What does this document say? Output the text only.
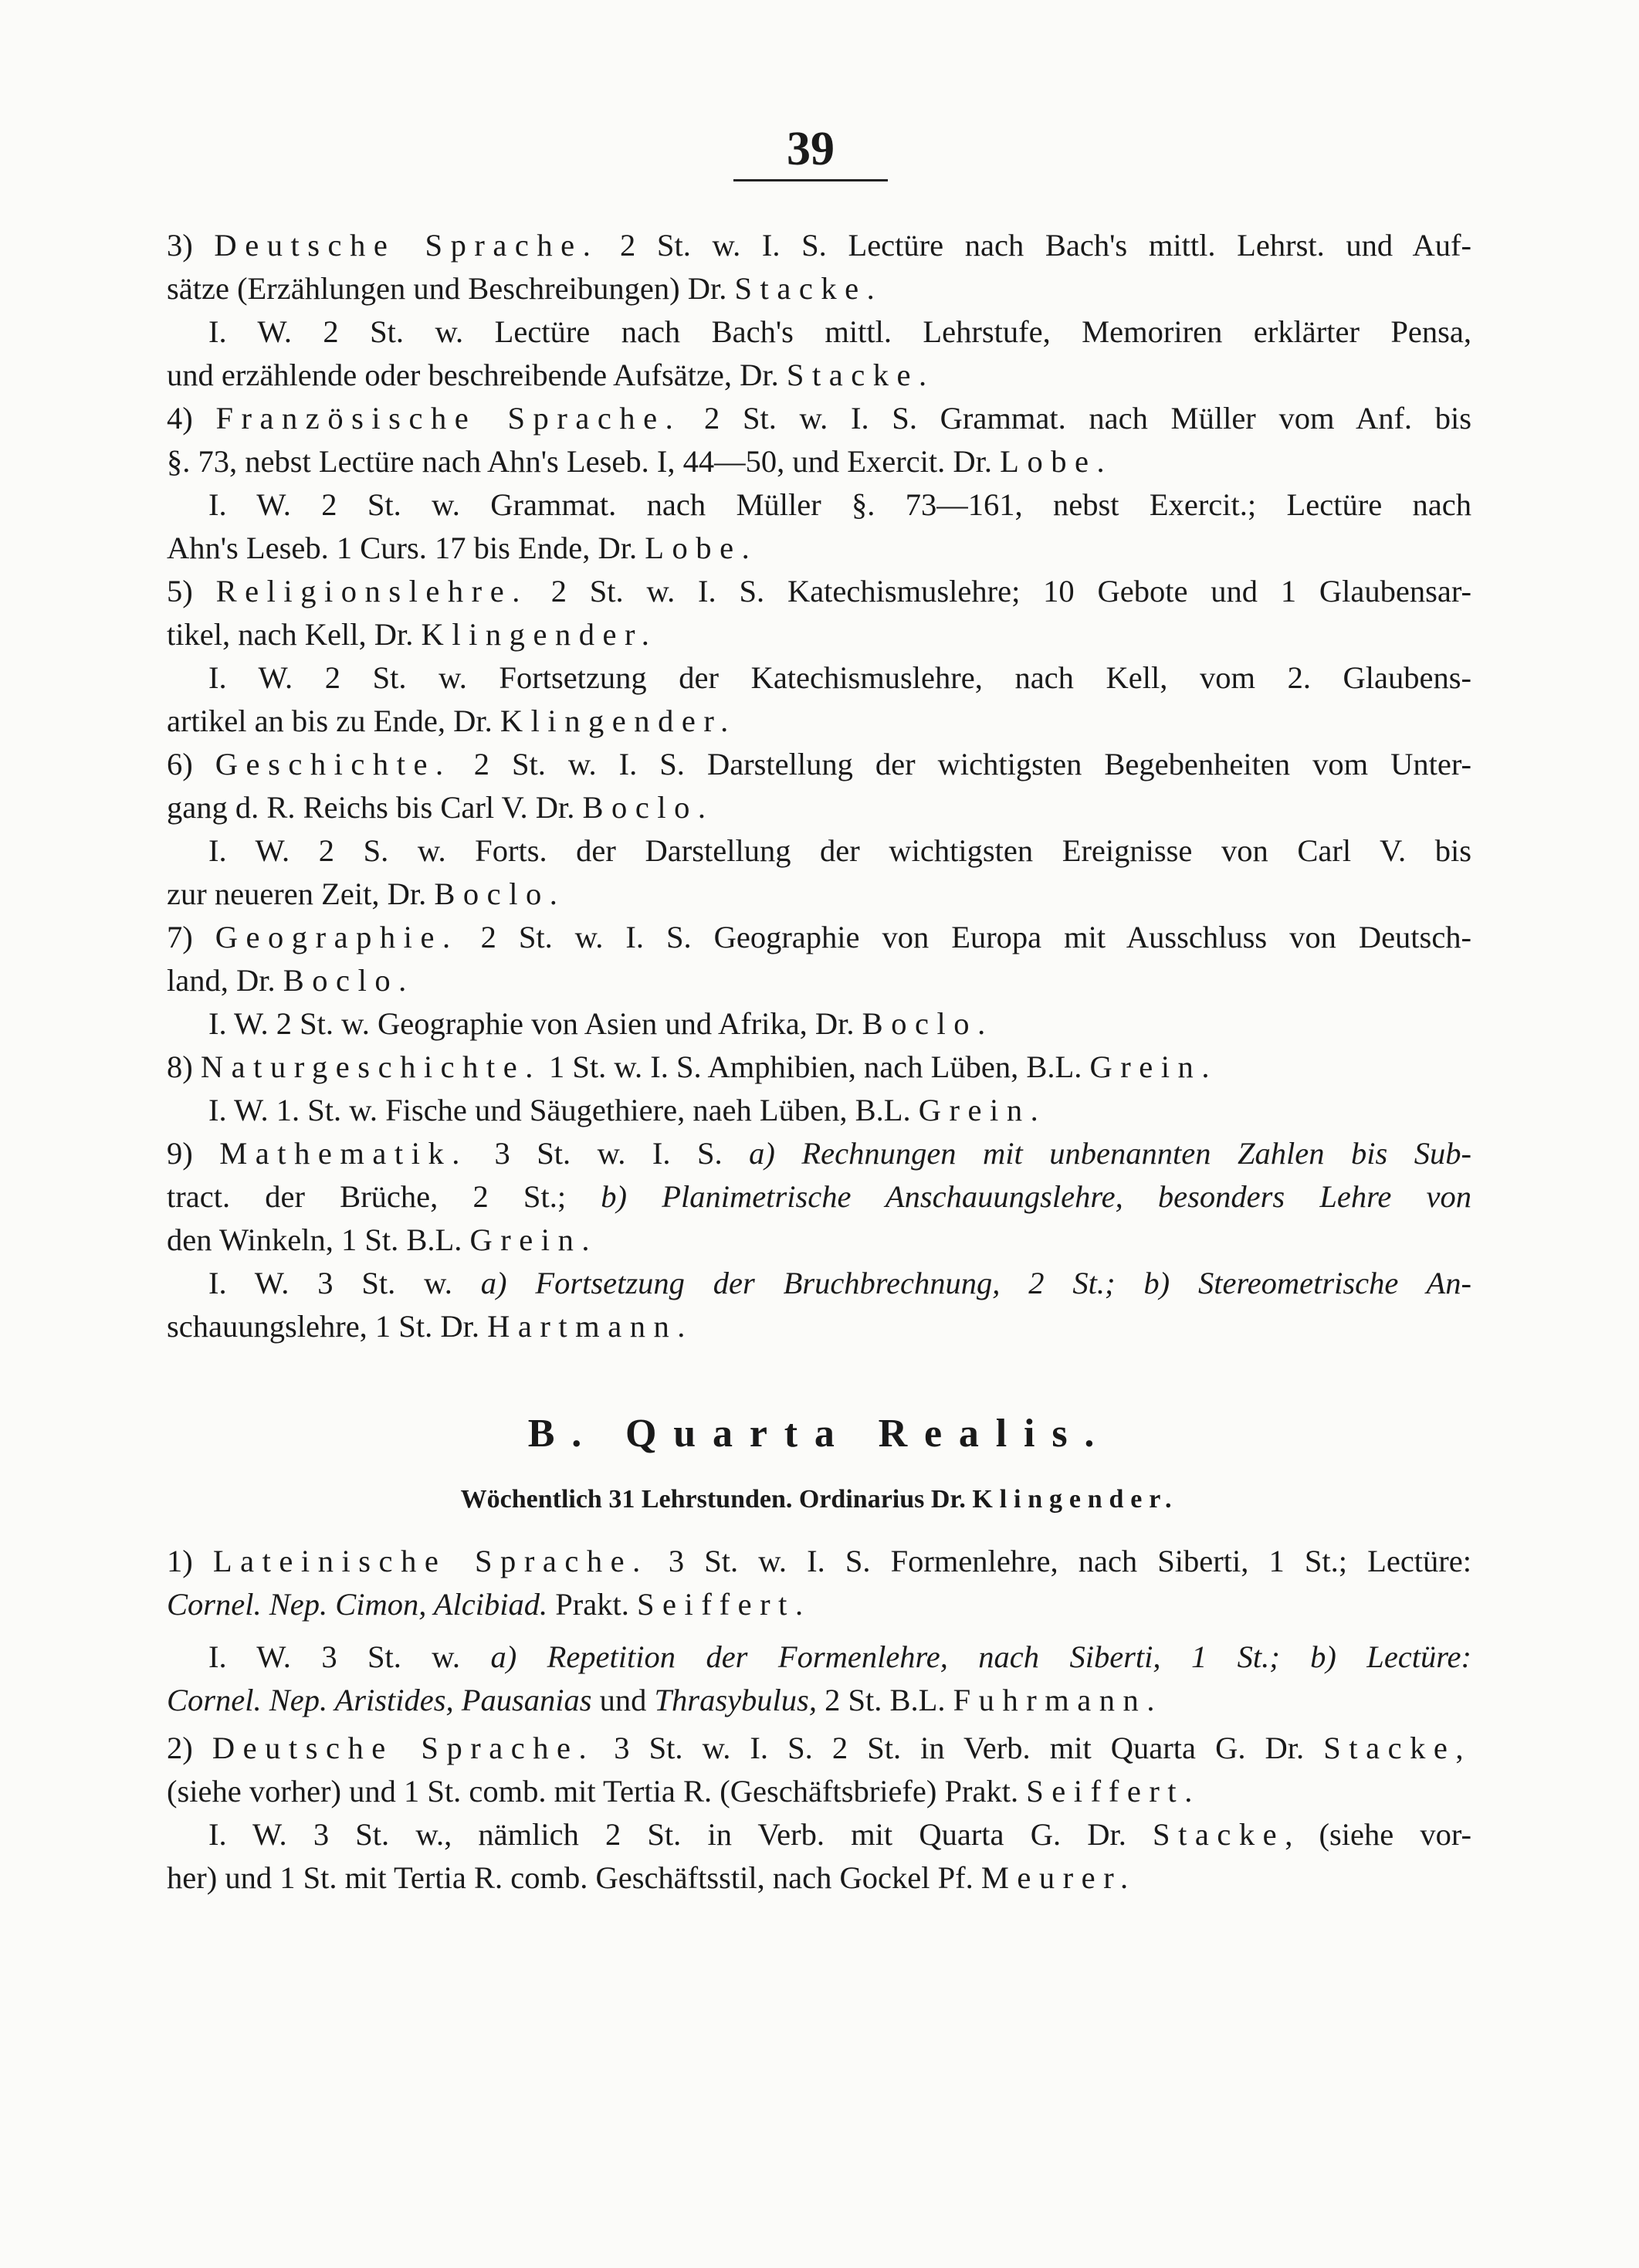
39
3) Deutsche Sprache. 2 St. w. I. S. Lectüre nach Bach's mittl. Lehrst. und Auf-
sätze (Erzählungen und Beschreibungen) Dr. Stacke.
I. W. 2 St. w. Lectüre nach Bach's mittl. Lehrstufe, Memoriren erklärter Pensa,
und erzählende oder beschreibende Aufsätze, Dr. Stacke.
4) Französische Sprache. 2 St. w. I. S. Grammat. nach Müller vom Anf. bis
§. 73, nebst Lectüre nach Ahn's Leseb. I, 44—50, und Exercit. Dr. Lobe.
I. W. 2 St. w. Grammat. nach Müller §. 73—161, nebst Exercit.; Lectüre nach
Ahn's Leseb. 1 Curs. 17 bis Ende, Dr. Lobe.
5) Religionslehre. 2 St. w. I. S. Katechismuslehre; 10 Gebote und 1 Glaubensar-
tikel, nach Kell, Dr. Klingender.
I. W. 2 St. w. Fortsetzung der Katechismuslehre, nach Kell, vom 2. Glaubens-
artikel an bis zu Ende, Dr. Klingender.
6) Geschichte. 2 St. w. I. S. Darstellung der wichtigsten Begebenheiten vom Unter-
gang d. R. Reichs bis Carl V. Dr. Boclo.
I. W. 2 S. w. Forts. der Darstellung der wichtigsten Ereignisse von Carl V. bis
zur neueren Zeit, Dr. Boclo.
7) Geographie. 2 St. w. I. S. Geographie von Europa mit Ausschluss von Deutsch-
land, Dr. Boclo.
I. W. 2 St. w. Geographie von Asien und Afrika, Dr. Boclo.
8) Naturgeschichte. 1 St. w. I. S. Amphibien, nach Lüben, B.L. Grein.
I. W. 1. St. w. Fische und Säugethiere, naeh Lüben, B.L. Grein.
9) Mathematik. 3 St. w. I. S. a) Rechnungen mit unbenannten Zahlen bis Sub-
tract. der Brüche, 2 St.; b) Planimetrische Anschauungslehre, besonders Lehre von
den Winkeln, 1 St. B.L. Grein.
I. W. 3 St. w. a) Fortsetzung der Bruchbrechnung, 2 St.; b) Stereometrische An-
schauungslehre, 1 St. Dr. Hartmann.
B. Quarta Realis.
Wöchentlich 31 Lehrstunden. Ordinarius Dr. Klingender.
1) Lateinische Sprache. 3 St. w. I. S. Formenlehre, nach Siberti, 1 St.; Lectüre:
Cornel. Nep. Cimon, Alcibiad. Prakt. Seiffert.
I. W. 3 St. w. a) Repetition der Formenlehre, nach Siberti, 1 St.; b) Lectüre:
Cornel. Nep. Aristides, Pausanias und Thrasybulus, 2 St. B.L. Fuhrmann.
2) Deutsche Sprache. 3 St. w. I. S. 2 St. in Verb. mit Quarta G. Dr. Stacke,
(siehe vorher) und 1 St. comb. mit Tertia R. (Geschäftsbriefe) Prakt. Seiffert.
I. W. 3 St. w., nämlich 2 St. in Verb. mit Quarta G. Dr. Stacke, (siehe vor-
her) und 1 St. mit Tertia R. comb. Geschäftsstil, nach Gockel Pf. Meurer.
